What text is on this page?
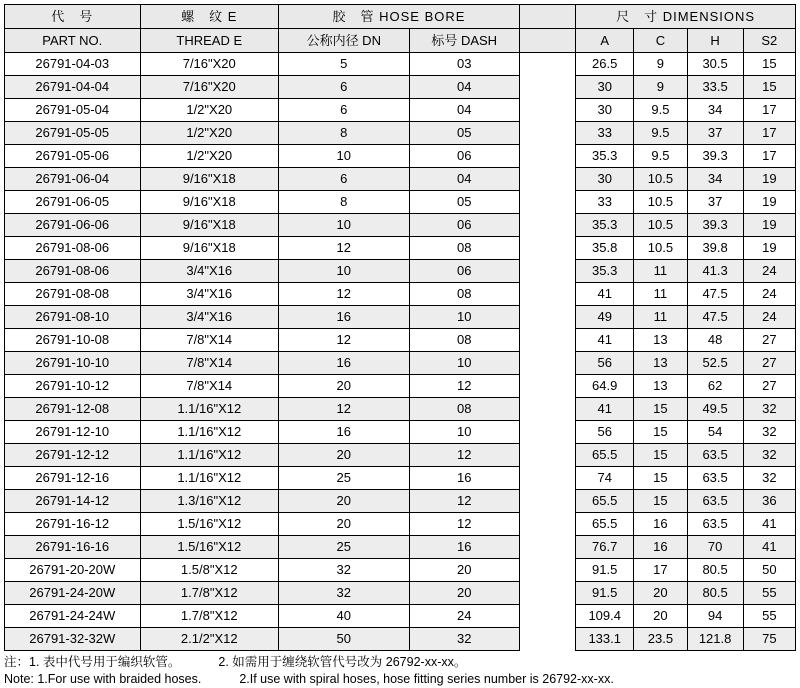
代　号	螺　纹 E	胶　管 HOSE BORE			尺　寸 DIMENSIONS			
PART NO.	THREAD E	公称内径 DN	标号 DASH		A	C	H	S2
26791-04-03	7/16"X20	5	03		26.5	9	30.5	15
26791-04-04	7/16"X20	6	04		30	9	33.5	15
26791-05-04	1/2"X20	6	04		30	9.5	34	17
26791-05-05	1/2"X20	8	05		33	9.5	37	17
26791-05-06	1/2"X20	10	06		35.3	9.5	39.3	17
26791-06-04	9/16"X18	6	04		30	10.5	34	19
26791-06-05	9/16"X18	8	05		33	10.5	37	19
26791-06-06	9/16"X18	10	06		35.3	10.5	39.3	19
26791-08-06	9/16"X18	12	08		35.8	10.5	39.8	19
26791-08-06	3/4"X16	10	06		35.3	11	41.3	24
26791-08-08	3/4"X16	12	08		41	11	47.5	24
26791-08-10	3/4"X16	16	10		49	11	47.5	24
26791-10-08	7/8"X14	12	08		41	13	48	27
26791-10-10	7/8"X14	16	10		56	13	52.5	27
26791-10-12	7/8"X14	20	12		64.9	13	62	27
26791-12-08	1.1/16"X12	12	08		41	15	49.5	32
26791-12-10	1.1/16"X12	16	10		56	15	54	32
26791-12-12	1.1/16"X12	20	12		65.5	15	63.5	32
26791-12-16	1.1/16"X12	25	16		74	15	63.5	32
26791-14-12	1.3/16"X12	20	12		65.5	15	63.5	36
26791-16-12	1.5/16"X12	20	12		65.5	16	63.5	41
26791-16-16	1.5/16"X12	25	16		76.7	16	70	41
26791-20-20W	1.5/8"X12	32	20		91.5	17	80.5	50
26791-24-20W	1.7/8"X12	32	20		91.5	20	80.5	55
26791-24-24W	1.7/8"X12	40	24		109.4	20	94	55
26791-32-32W	2.1/2"X12	50	32		133.1	23.5	121.8	75
注：1. 表中代号用于编织软管。	2. 如需用于缠绕软管代号改为 26792-xx-xx。
Note: 1.For use with braided hoses.	2.If use with spiral hoses, hose fitting series number is 26792-xx-xx.
